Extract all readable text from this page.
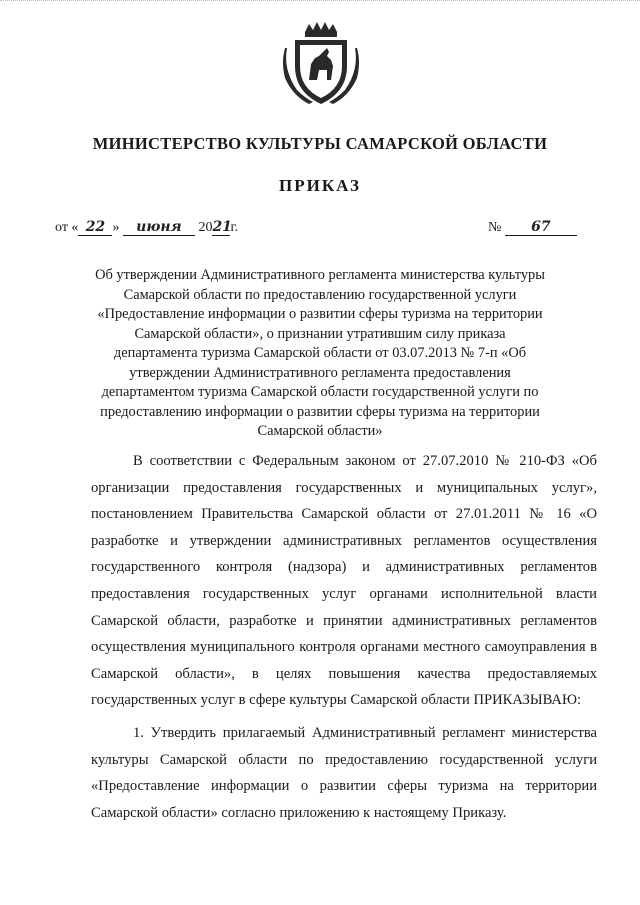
МИНИСТЕРСТВО КУЛЬТУРЫ САМАРСКОЙ ОБЛАСТИ
ПРИКАЗ
от « 22 » июня 2021г.	№ 67
Об утверждении Административного регламента министерства культуры Самарской области по предоставлению государственной услуги «Предоставление информации о развитии сферы туризма на территории Самарской области», о признании утратившим силу приказа департамента туризма Самарской области от 03.07.2013 № 7-п «Об утверждении Административного регламента предоставления департаментом туризма Самарской области государственной услуги по предоставлению информации о развитии сферы туризма на территории Самарской области»

В соответствии с Федеральным законом от 27.07.2010 № 210-ФЗ «Об организации предоставления государственных и муниципальных услуг», постановлением Правительства Самарской области от 27.01.2011 № 16 «О разработке и утверждении административных регламентов осуществления государственного контроля (надзора) и административных регламентов предоставления государственных услуг органами исполнительной власти Самарской области, разработке и принятии административных регламентов осуществления муниципального контроля органами местного самоуправления в Самарской области», в целях повышения качества предоставляемых государственных услуг в сфере культуры Самарской области ПРИКАЗЫВАЮ:

1. Утвердить прилагаемый Административный регламент министерства культуры Самарской области по предоставлению государственной услуги «Предоставление информации о развитии сферы туризма на территории Самарской области» согласно приложению к настоящему Приказу.
